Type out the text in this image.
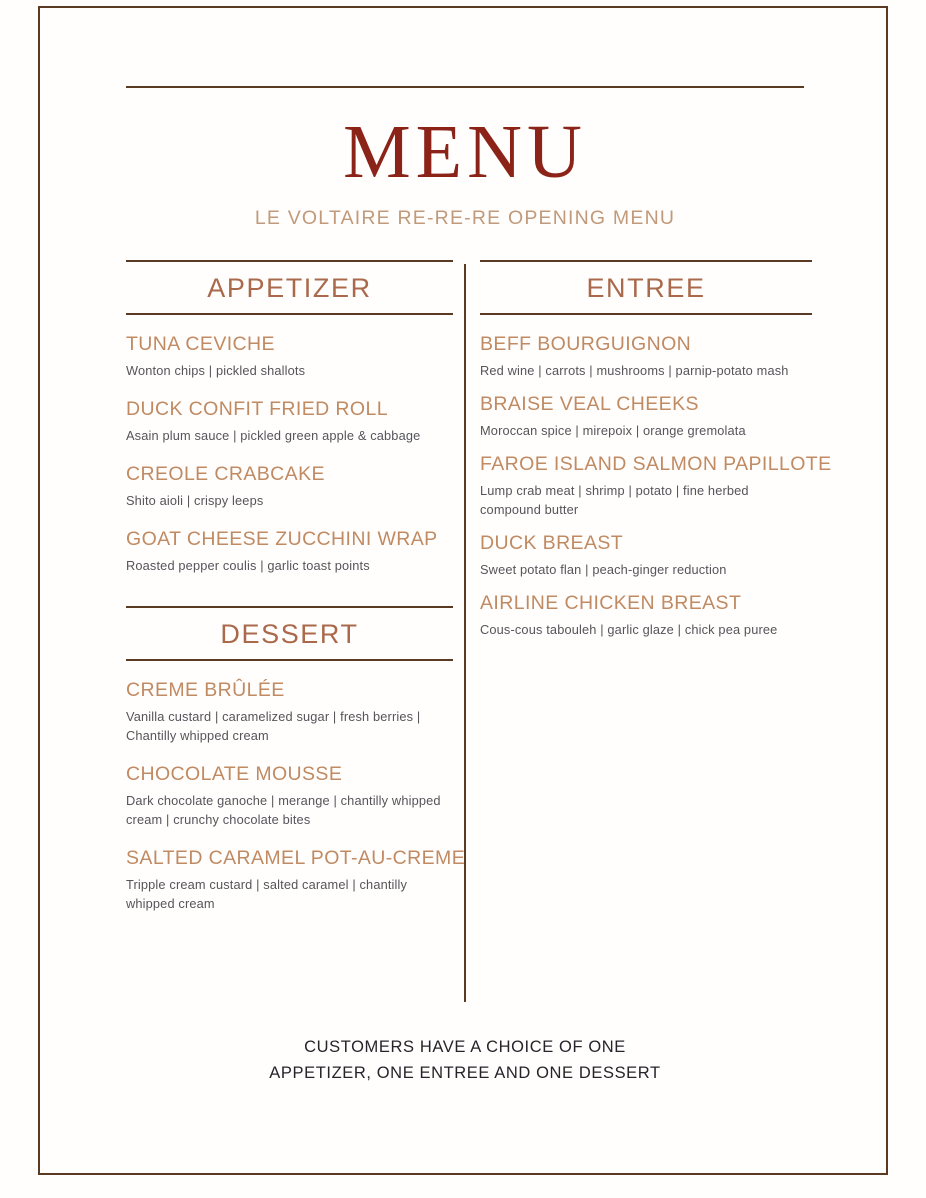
MENU
LE VOLTAIRE RE-RE-RE OPENING MENU
APPETIZER
TUNA CEVICHE
Wonton chips | pickled shallots
DUCK CONFIT FRIED ROLL
Asain plum sauce | pickled green apple & cabbage
CREOLE CRABCAKE
Shito aioli | crispy leeps
GOAT CHEESE ZUCCHINI WRAP
Roasted pepper coulis | garlic toast points
DESSERT
CREME BRÛLÉE
Vanilla custard | caramelized sugar | fresh berries | Chantilly whipped cream
CHOCOLATE MOUSSE
Dark chocolate ganoche | merange | chantilly whipped cream | crunchy chocolate bites
SALTED CARAMEL POT-AU-CREME
Tripple cream custard | salted caramel | chantilly whipped cream
ENTREE
BEFF BOURGUIGNON
Red wine | carrots | mushrooms | parnip-potato mash
BRAISE VEAL CHEEKS
Moroccan spice | mirepoix | orange gremolata
FAROE ISLAND SALMON PAPILLOTE
Lump crab meat | shrimp | potato | fine herbed compound butter
DUCK BREAST
Sweet potato flan | peach-ginger reduction
AIRLINE CHICKEN BREAST
Cous-cous tabouleh | garlic glaze | chick pea puree
CUSTOMERS HAVE A CHOICE OF ONE
APPETIZER, ONE ENTREE AND ONE DESSERT
